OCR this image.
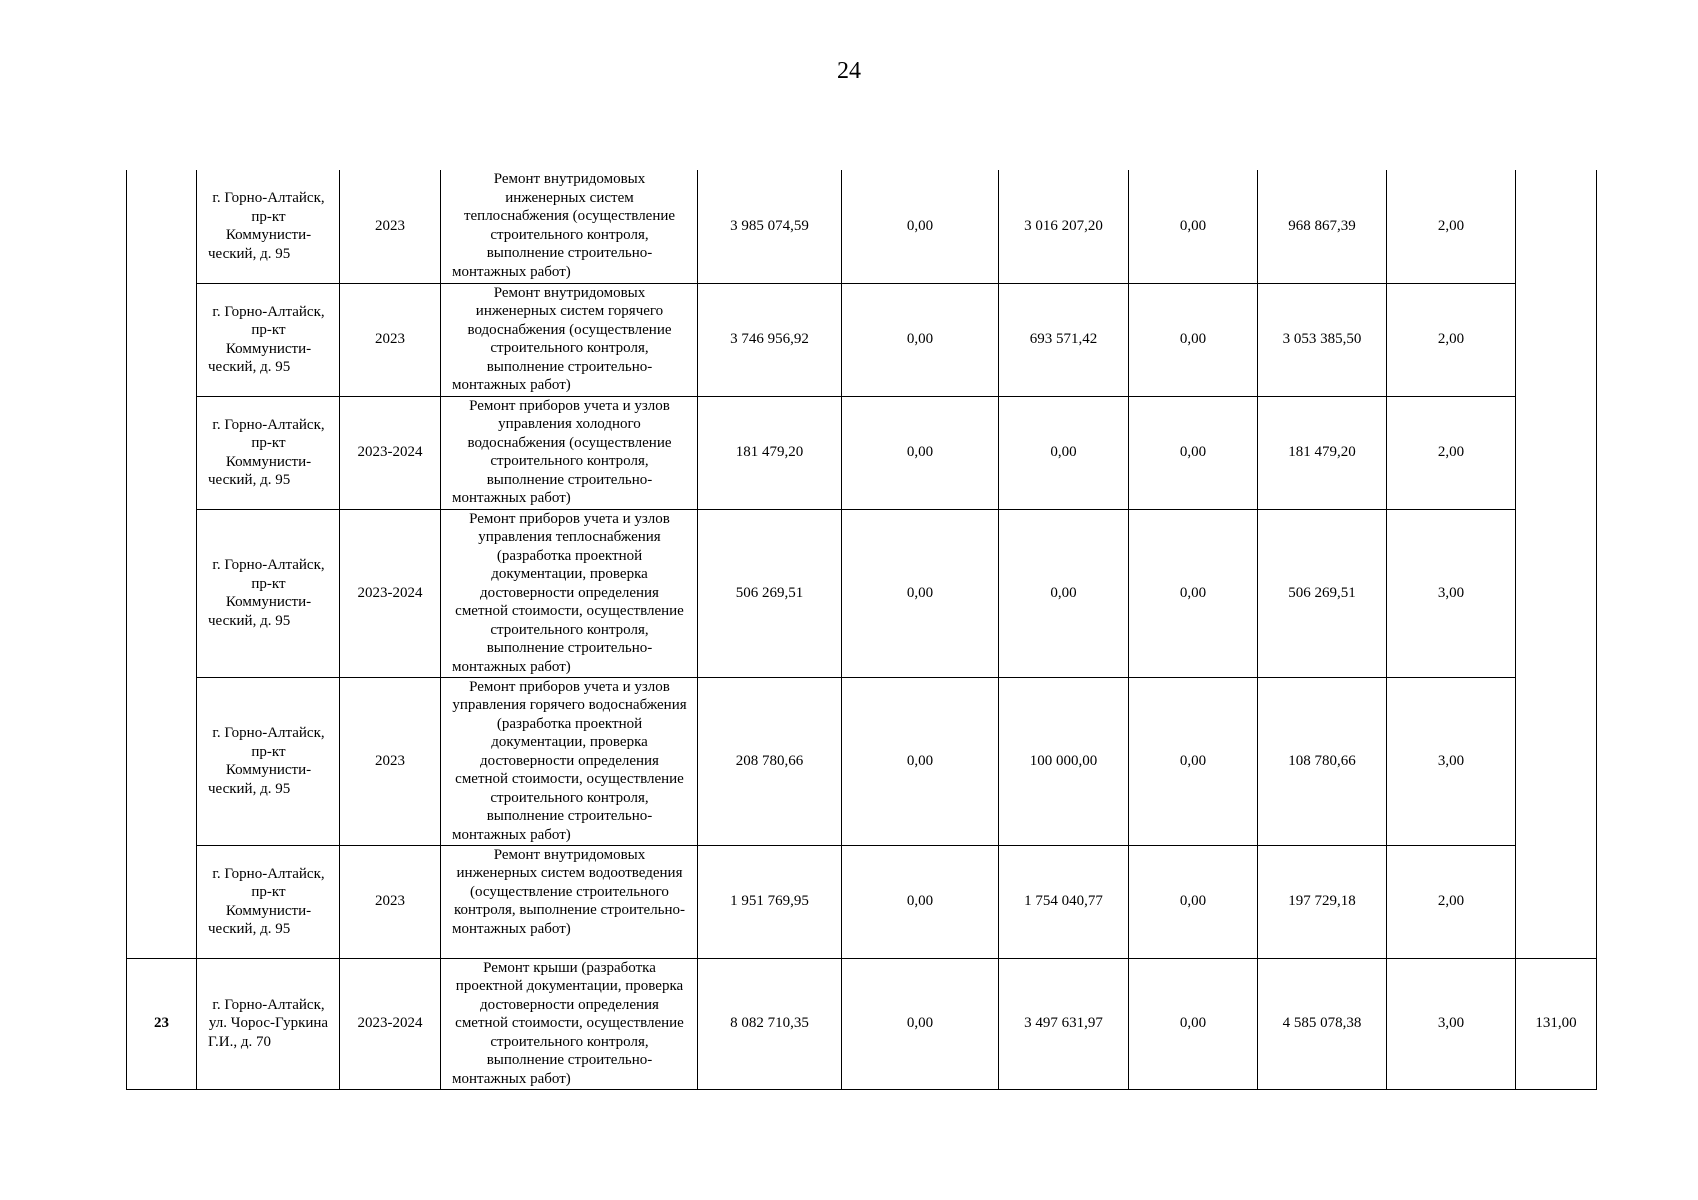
24
	г. Горно-Алтайск, пр-кт Коммунисти-ческий, д. 95	2023	Ремонт внутридомовых инженерных систем теплоснабжения (осуществление строительного контроля, выполнение строительно-монтажных работ)	3 985 074,59	0,00	3 016 207,20	0,00	968 867,39	2,00	
	г. Горно-Алтайск, пр-кт Коммунисти-ческий, д. 95	2023	Ремонт внутридомовых инженерных систем горячего водоснабжения (осуществление строительного контроля, выполнение строительно-монтажных работ)	3 746 956,92	0,00	693 571,42	0,00	3 053 385,50	2,00	
	г. Горно-Алтайск, пр-кт Коммунисти-ческий, д. 95	2023-2024	Ремонт приборов учета и узлов управления холодного водоснабжения (осуществление строительного контроля, выполнение строительно-монтажных работ)	181 479,20	0,00	0,00	0,00	181 479,20	2,00	
	г. Горно-Алтайск, пр-кт Коммунисти-ческий, д. 95	2023-2024	Ремонт приборов учета и узлов управления теплоснабжения (разработка проектной документации, проверка достоверности определения сметной стоимости, осуществление строительного контроля, выполнение строительно-монтажных работ)	506 269,51	0,00	0,00	0,00	506 269,51	3,00	
	г. Горно-Алтайск, пр-кт Коммунисти-ческий, д. 95	2023	Ремонт приборов учета и узлов управления горячего водоснабжения (разработка проектной документации, проверка достоверности определения сметной стоимости, осуществление строительного контроля, выполнение строительно-монтажных работ)	208 780,66	0,00	100 000,00	0,00	108 780,66	3,00	
	г. Горно-Алтайск, пр-кт Коммунисти-ческий, д. 95	2023	Ремонт внутридомовых инженерных систем водоотведения (осуществление строительного контроля, выполнение строительно-монтажных работ)	1 951 769,95	0,00	1 754 040,77	0,00	197 729,18	2,00	
23	г. Горно-Алтайск, ул. Чорос-Гуркина Г.И., д. 70	2023-2024	Ремонт крыши (разработка проектной документации, проверка достоверности определения сметной стоимости, осуществление строительного контроля, выполнение строительно-монтажных работ)	8 082 710,35	0,00	3 497 631,97	0,00	4 585 078,38	3,00	131,00
